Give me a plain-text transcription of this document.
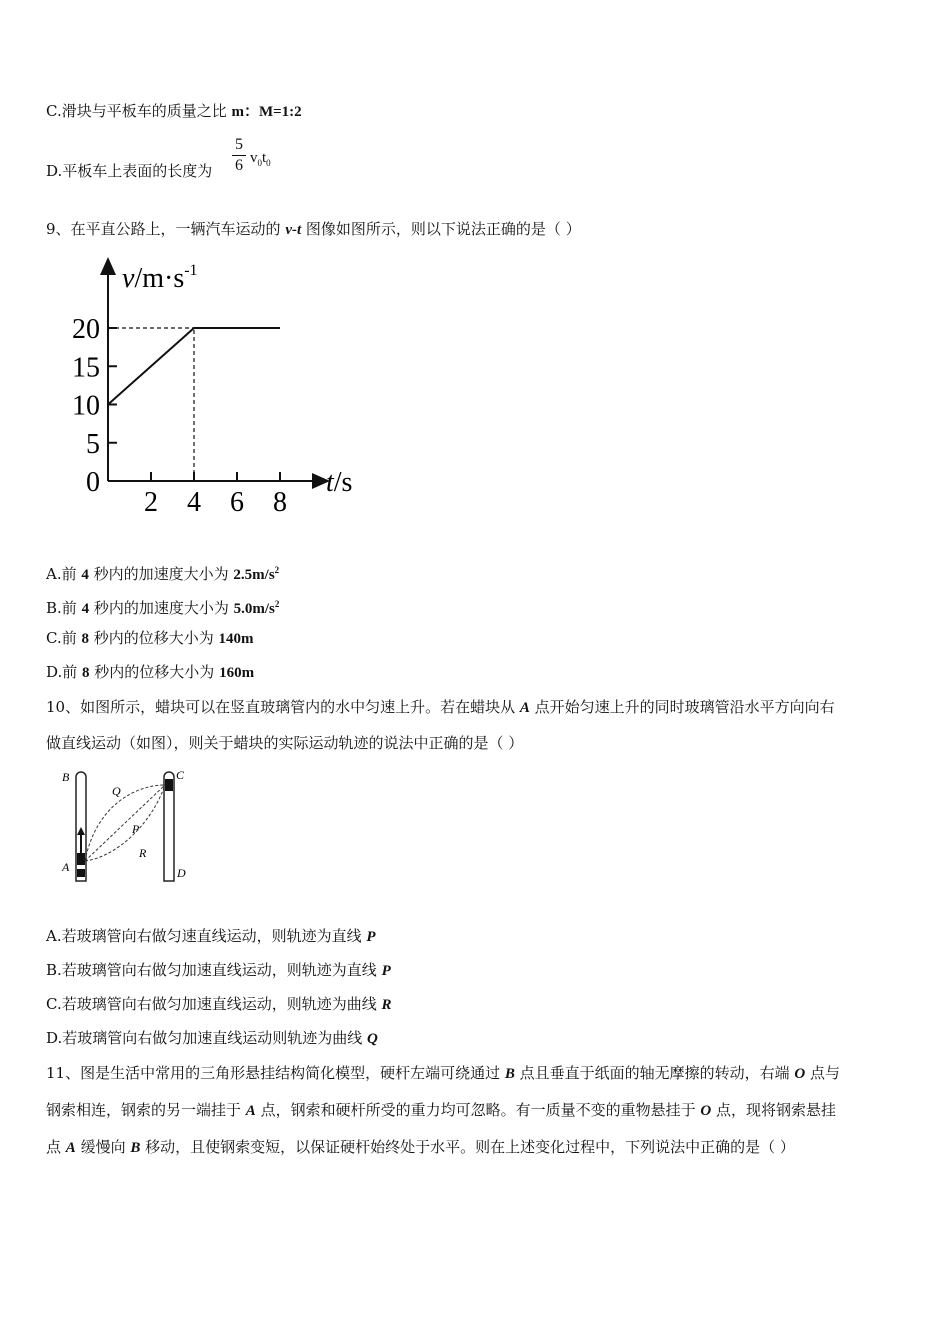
C.滑块与平板车的质量之比 m：M=1:2
D.平板车上表面的长度为
5
6 $v_0t_0$
9、在平直公路上，一辆汽车运动的 v-t 图像如图所示，则以下说法正确的是（ ）
0
5
10
15
20
2 4 6 8
$v/m\cdot s^{-1}$
t/s
A.前 4 秒内的加速度大小为 $2.5m/s^2$
B.前 4 秒内的加速度大小为 $5.0m/s^2$
C.前 8 秒内的位移大小为 140m
D.前 8 秒内的位移大小为 160m
10、如图所示，蜡块可以在竖直玻璃管内的水中匀速上升。若在蜡块从 A 点开始匀速上升的同时玻璃管沿水平方向向右
做直线运动（如图），则关于蜡块的实际运动轨迹的说法中正确的是（ ）
B
A
C
D
Q
P
R
A.若玻璃管向右做匀速直线运动，则轨迹为直线 P
B.若玻璃管向右做匀加速直线运动，则轨迹为直线 P
C.若玻璃管向右做匀加速直线运动，则轨迹为曲线 R
D.若玻璃管向右做匀加速直线运动则轨迹为曲线 Q
11、图是生活中常用的三角形悬挂结构简化模型，硬杆左端可绕通过 B 点且垂直于纸面的轴无摩擦的转动，右端 O 点与
钢索相连，钢索的另一端挂于 A 点，钢索和硬杆所受的重力均可忽略。有一质量不变的重物悬挂于 O 点，现将钢索悬挂
点 A 缓慢向 B 移动，且使钢索变短，以保证硬杆始终处于水平。则在上述变化过程中，下列说法中正确的是（ ）
